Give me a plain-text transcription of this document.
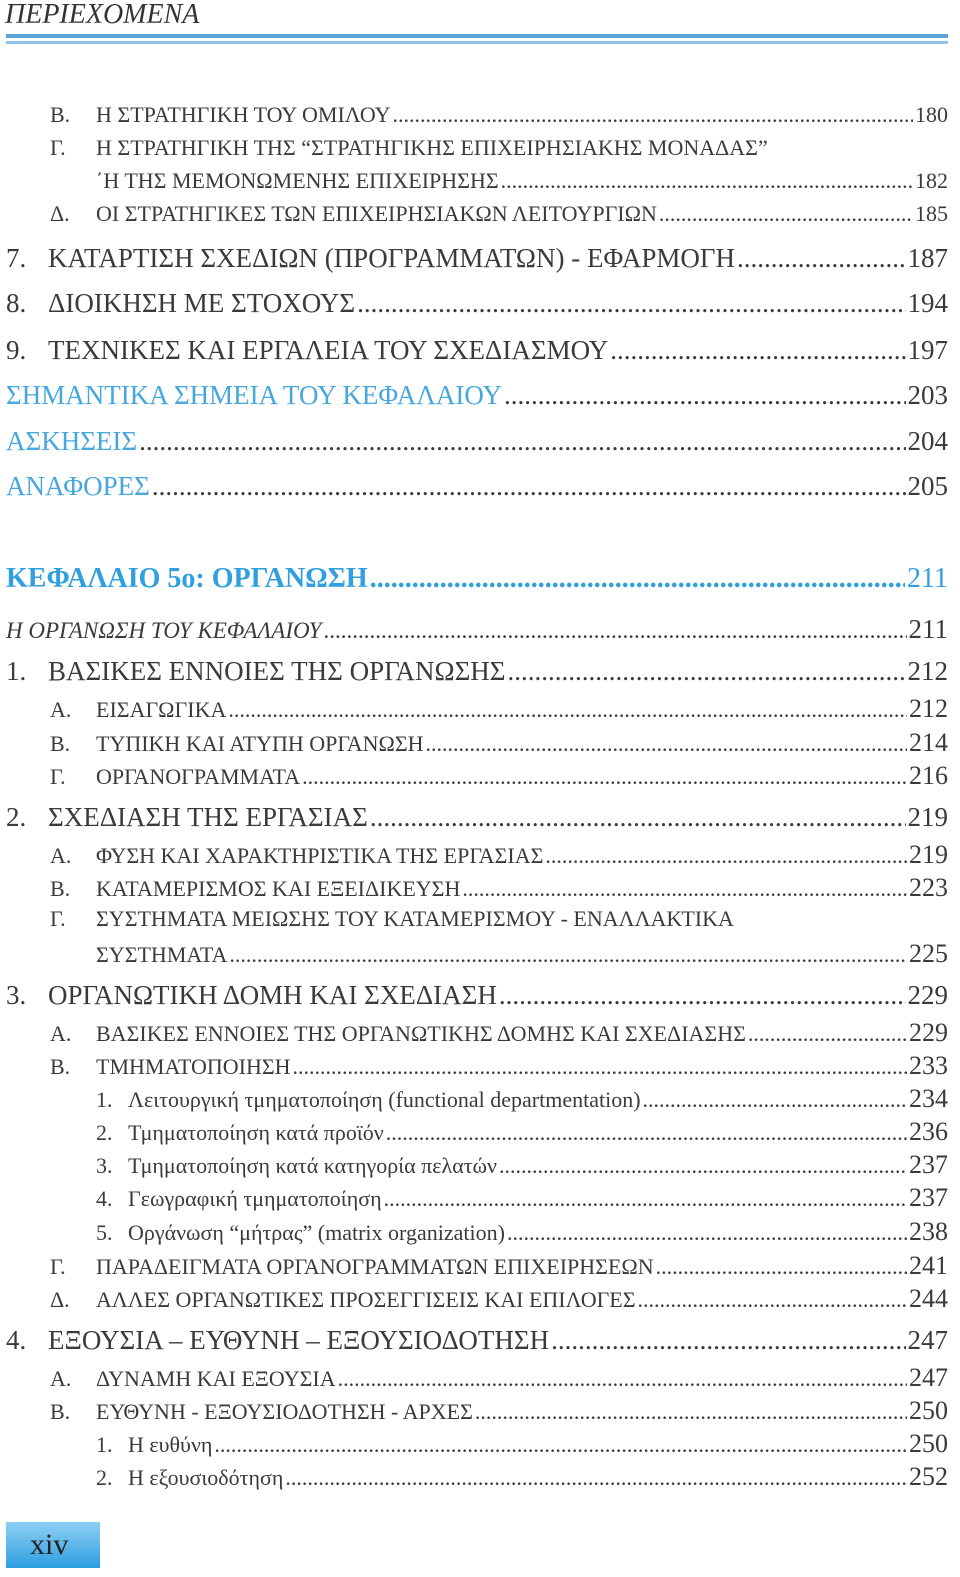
ΠΕΡΙΕΧΟΜΕΝΑ
Β.	Η ΣΤΡΑΤΗΓΙΚΗ ΤΟΥ ΟΜΙΛΟΥ .....	180
Γ.	Η ΣΤΡΑΤΗΓΙΚΗ ΤΗΣ “ΣΤΡΑΤΗΓΙΚΗΣ ΕΠΙΧΕΙΡΗΣΙΑΚΗΣ ΜΟΝΑΔΑΣ”
΄Η ΤΗΣ ΜΕΜΟΝΩΜΕΝΗΣ ΕΠΙΧΕΙΡΗΣΗΣ .....	182
Δ.	ΟΙ ΣΤΡΑΤΗΓΙΚΕΣ ΤΩΝ ΕΠΙΧΕΙΡΗΣΙΑΚΩΝ ΛΕΙΤΟΥΡΓΙΩΝ .....	185
7. ΚΑΤΑΡΤΙΣΗ ΣΧΕΔΙΩΝ (ΠΡΟΓΡΑΜΜΑΤΩΝ) - ΕΦΑΡΜΟΓΗ .....	187
8. ΔΙΟΙΚΗΣΗ ΜΕ ΣΤΟΧΟΥΣ .....	194
9. ΤΕΧΝΙΚΕΣ ΚΑΙ ΕΡΓΑΛΕΙΑ ΤΟΥ ΣΧΕΔΙΑΣΜΟΥ .....	197
ΣΗΜΑΝΤΙΚΑ ΣΗΜΕΙΑ ΤΟΥ ΚΕΦΑΛΑΙΟΥ .....	203
ΑΣΚΗΣΕΙΣ .....	204
ΑΝΑΦΟΡΕΣ .....	205
ΚΕΦΑΛΑΙΟ 5ο: ΟΡΓΑΝΩΣΗ .....	211
Η ΟΡΓΑΝΩΣΗ ΤΟΥ ΚΕΦΑΛΑΙΟΥ .....	211
1. ΒΑΣΙΚΕΣ ΕΝΝΟΙΕΣ ΤΗΣ ΟΡΓΑΝΩΣΗΣ .....	212
Α.	ΕΙΣΑΓΩΓΙΚΑ .....	212
Β.	ΤΥΠΙΚΗ ΚΑΙ ΑΤΥΠΗ ΟΡΓΑΝΩΣΗ .....	214
Γ.	ΟΡΓΑΝΟΓΡΑΜΜΑΤΑ .....	216
2. ΣΧΕΔΙΑΣΗ ΤΗΣ ΕΡΓΑΣΙΑΣ .....	219
Α.	ΦΥΣΗ ΚΑΙ ΧΑΡΑΚΤΗΡΙΣΤΙΚΑ ΤΗΣ ΕΡΓΑΣΙΑΣ .....	219
Β.	ΚΑΤΑΜΕΡΙΣΜΟΣ ΚΑΙ ΕΞΕΙΔΙΚΕΥΣΗ .....	223
Γ.	ΣΥΣΤΗΜΑΤΑ ΜΕΙΩΣΗΣ ΤΟΥ ΚΑΤΑΜΕΡΙΣΜΟΥ - ΕΝΑΛΛΑΚΤΙΚΑ
ΣΥΣΤΗΜΑΤΑ .....	225
3. ΟΡΓΑΝΩΤΙΚΗ ΔΟΜΗ ΚΑΙ ΣΧΕΔΙΑΣΗ .....	229
Α.	ΒΑΣΙΚΕΣ ΕΝΝΟΙΕΣ ΤΗΣ ΟΡΓΑΝΩΤΙΚΗΣ ΔΟΜΗΣ ΚΑΙ ΣΧΕΔΙΑΣΗΣ .....	229
Β.	ΤΜΗΜΑΤΟΠΟΙΗΣΗ .....	233
1. Λειτουργική τμηματοποίηση (functional departmentation) .....	234
2. Τμηματοποίηση κατά προϊόν .....	236
3. Τμηματοποίηση κατά κατηγορία πελατών .....	237
4. Γεωγραφική τμηματοποίηση .....	237
5. Οργάνωση “μήτρας” (matrix organization) .....	238
Γ.	ΠΑΡΑΔΕΙΓΜΑΤΑ ΟΡΓΑΝΟΓΡΑΜΜΑΤΩΝ ΕΠΙΧΕΙΡΗΣΕΩΝ .....	241
Δ.	ΑΛΛΕΣ ΟΡΓΑΝΩΤΙΚΕΣ ΠΡΟΣΕΓΓΙΣΕΙΣ ΚΑΙ ΕΠΙΛΟΓΕΣ .....	244
4. ΕΞΟΥΣΙΑ – ΕΥΘΥΝΗ – ΕΞΟΥΣΙΟΔΟΤΗΣΗ .....	247
Α.	ΔΥΝΑΜΗ ΚΑΙ ΕΞΟΥΣΙΑ .....	247
Β.	ΕΥΘΥΝΗ - ΕΞΟΥΣΙΟΔΟΤΗΣΗ - ΑΡΧΕΣ .....	250
1. Η ευθύνη .....	250
2. Η εξουσιοδότηση .....	252
xiv
